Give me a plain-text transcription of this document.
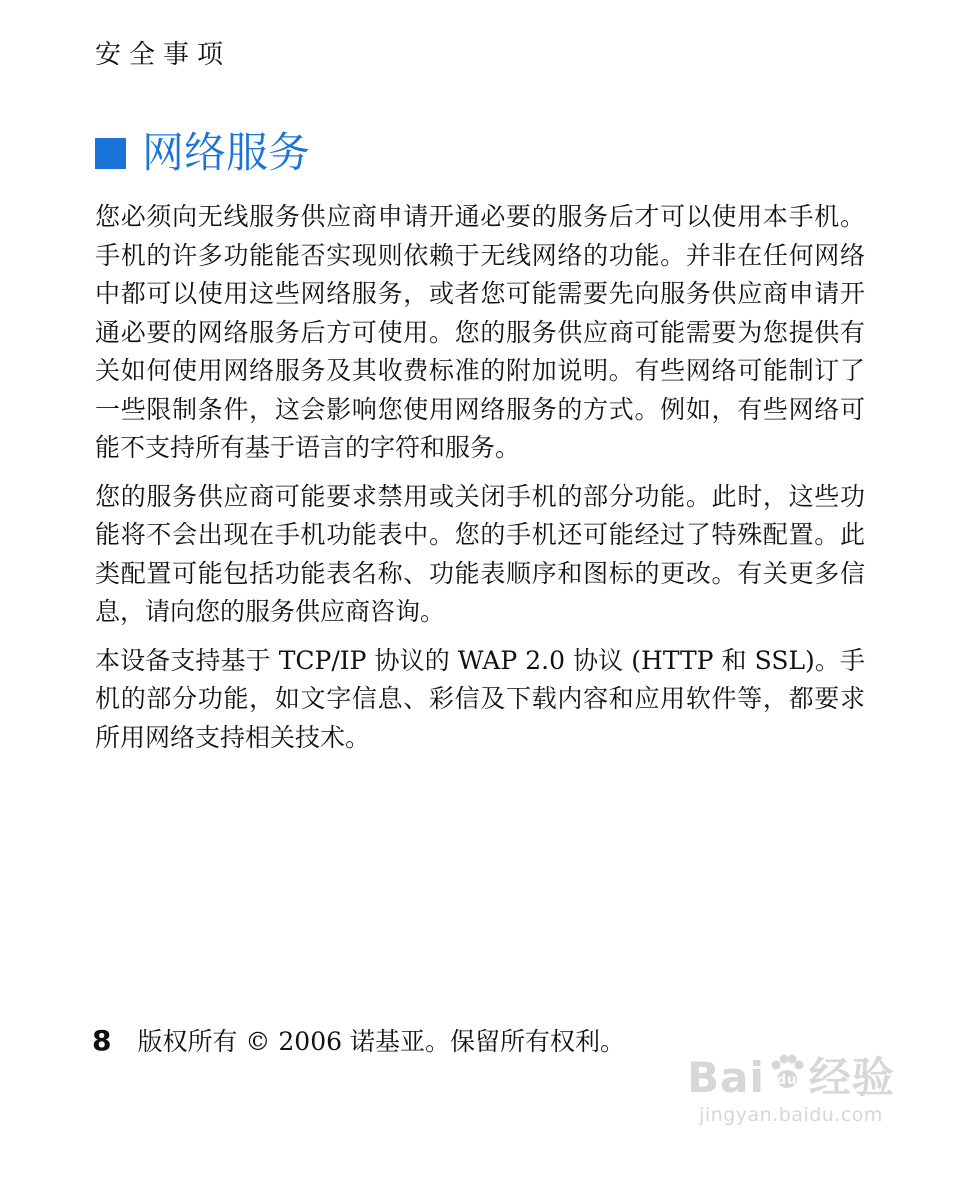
安全事项
网络服务

您必须向无线服务供应商申请开通必要的服务后才可以使用本手机。手机的许多功能能否实现则依赖于无线网络的功能。并非在任何网络中都可以使用这些网络服务，或者您可能需要先向服务供应商申请开通必要的网络服务后方可使用。您的服务供应商可能需要为您提供有关如何使用网络服务及其收费标准的附加说明。有些网络可能制订了一些限制条件，这会影响您使用网络服务的方式。例如，有些网络可能不支持所有基于语言的字符和服务。

您的服务供应商可能要求禁用或关闭手机的部分功能。此时，这些功能将不会出现在手机功能表中。您的手机还可能经过了特殊配置。此类配置可能包括功能表名称、功能表顺序和图标的更改。有关更多信息，请向您的服务供应商咨询。

本设备支持基于 TCP/IP 协议的 WAP 2.0 协议 (HTTP 和 SSL)。手机的部分功能，如文字信息、彩信及下载内容和应用软件等，都要求所用网络支持相关技术。

8 版权所有 © 2006 诺基亚。保留所有权利。
Bai du 经验
jingyan.baidu.com
